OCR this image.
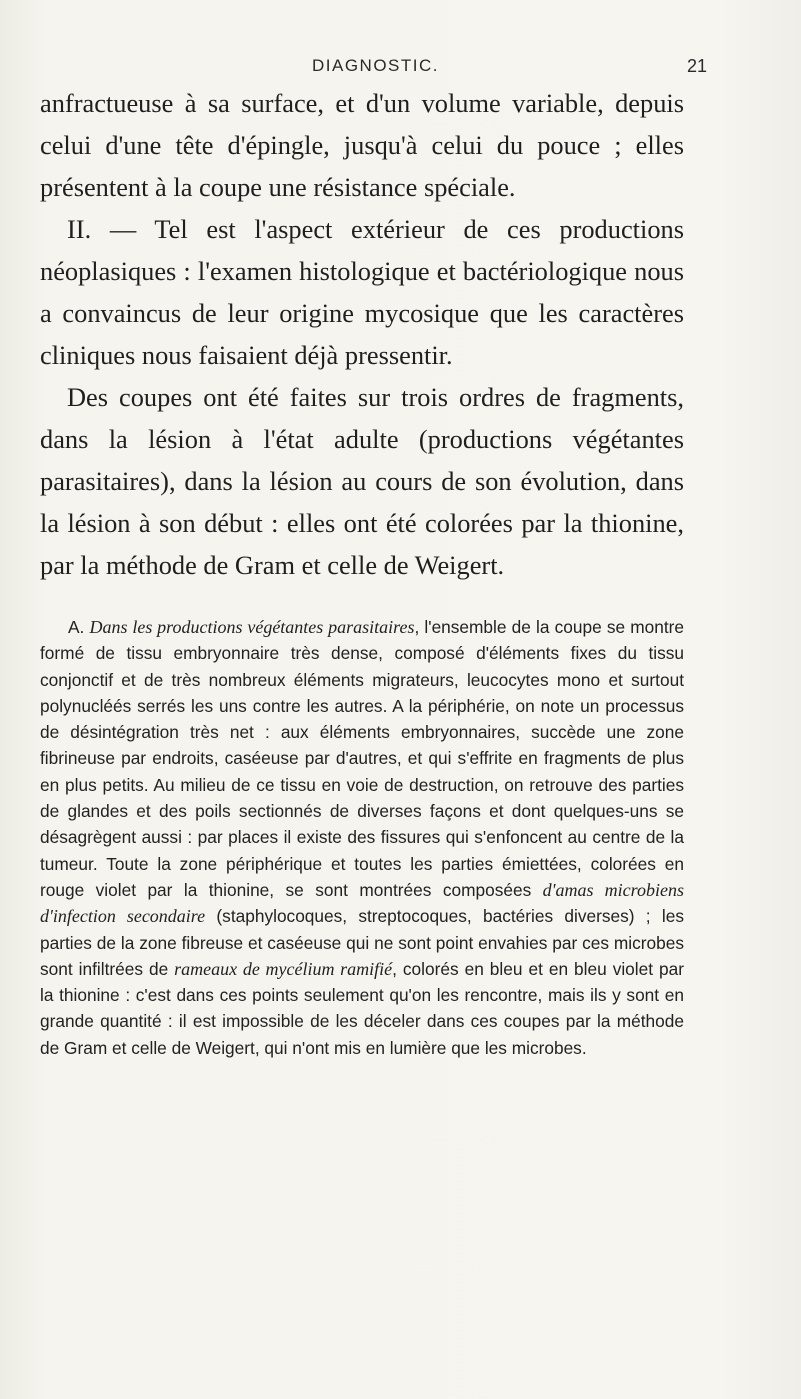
DIAGNOSTIC.	21

anfractueuse à sa surface, et d'un volume variable, depuis celui d'une tête d'épingle, jusqu'à celui du pouce ; elles présentent à la coupe une résistance spéciale.

II. — Tel est l'aspect extérieur de ces productions néoplasiques : l'examen histologique et bactériologique nous a convaincus de leur origine mycosique que les caractères cliniques nous faisaient déjà pressentir.

Des coupes ont été faites sur trois ordres de fragments, dans la lésion à l'état adulte (productions végétantes parasitaires), dans la lésion au cours de son évolution, dans la lésion à son début : elles ont été colorées par la thionine, par la méthode de Gram et celle de Weigert.

A. Dans les productions végétantes parasitaires, l'ensemble de la coupe se montre formé de tissu embryonnaire très dense, composé d'éléments fixes du tissu conjonctif et de très nombreux éléments migrateurs, leucocytes mono et surtout polynucléés serrés les uns contre les autres. A la périphérie, on note un processus de désintégration très net : aux éléments embryonnaires, succède une zone fibrineuse par endroits, caséeuse par d'autres, et qui s'effrite en fragments de plus en plus petits. Au milieu de ce tissu en voie de destruction, on retrouve des parties de glandes et des poils sectionnés de diverses façons et dont quelques-uns se désagrègent aussi : par places il existe des fissures qui s'enfoncent au centre de la tumeur. Toute la zone périphérique et toutes les parties émiettées, colorées en rouge violet par la thionine, se sont montrées composées d'amas microbiens d'infection secondaire (staphylocoques, streptocoques, bactéries diverses) ; les parties de la zone fibreuse et caséeuse qui ne sont point envahies par ces microbes sont infiltrées de rameaux de mycélium ramifié, colorés en bleu et en bleu violet par la thionine : c'est dans ces points seulement qu'on les rencontre, mais ils y sont en grande quantité : il est impossible de les déceler dans ces coupes par la méthode de Gram et celle de Weigert, qui n'ont mis en lumière que les microbes.
